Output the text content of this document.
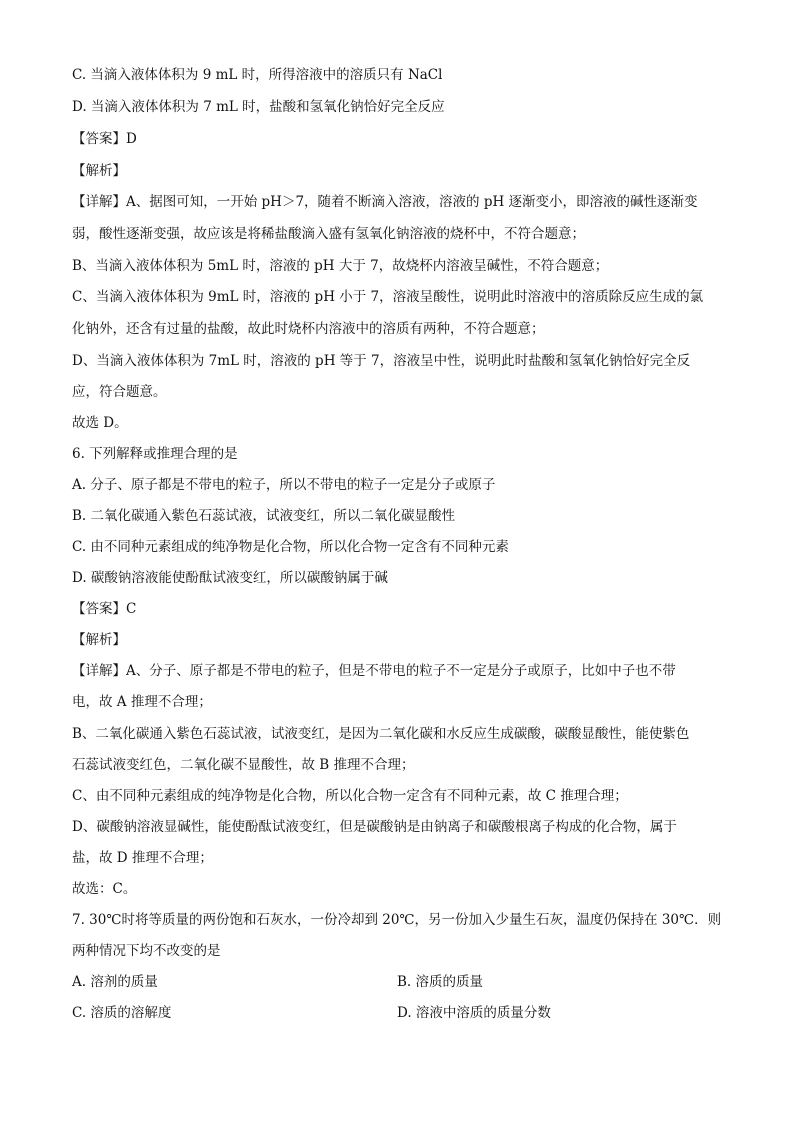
C. 当滴入液体体积为 9 mL 时，所得溶液中的溶质只有 NaCl
D. 当滴入液体体积为 7 mL 时，盐酸和氢氧化钠恰好完全反应
【答案】D
【解析】
【详解】A、据图可知，一开始 pH＞7，随着不断滴入溶液，溶液的 pH 逐渐变小，即溶液的碱性逐渐变
弱，酸性逐渐变强，故应该是将稀盐酸滴入盛有氢氧化钠溶液的烧杯中，不符合题意；
B、当滴入液体体积为 5mL 时，溶液的 pH 大于 7，故烧杯内溶液呈碱性，不符合题意；
C、当滴入液体体积为 9mL 时，溶液的 pH 小于 7，溶液呈酸性，说明此时溶液中的溶质除反应生成的氯
化钠外，还含有过量的盐酸，故此时烧杯内溶液中的溶质有两种，不符合题意；
D、当滴入液体体积为 7mL 时，溶液的 pH 等于 7，溶液呈中性，说明此时盐酸和氢氧化钠恰好完全反
应，符合题意。
故选 D。
6. 下列解释或推理合理的是
A. 分子、原子都是不带电的粒子，所以不带电的粒子一定是分子或原子
B. 二氧化碳通入紫色石蕊试液，试液变红，所以二氧化碳显酸性
C. 由不同种元素组成的纯净物是化合物，所以化合物一定含有不同种元素
D. 碳酸钠溶液能使酚酞试液变红，所以碳酸钠属于碱
【答案】C
【解析】
【详解】A、分子、原子都是不带电的粒子，但是不带电的粒子不一定是分子或原子，比如中子也不带
电，故 A 推理不合理；
B、二氧化碳通入紫色石蕊试液，试液变红，是因为二氧化碳和水反应生成碳酸，碳酸显酸性，能使紫色
石蕊试液变红色，二氧化碳不显酸性，故 B 推理不合理；
C、由不同种元素组成的纯净物是化合物，所以化合物一定含有不同种元素，故 C 推理合理；
D、碳酸钠溶液显碱性，能使酚酞试液变红，但是碳酸钠是由钠离子和碳酸根离子构成的化合物，属于
盐，故 D 推理不合理；
故选：C。
7. 30℃时将等质量的两份饱和石灰水，一份冷却到 20℃，另一份加入少量生石灰，温度仍保持在 30℃．则
两种情况下均不改变的是
A. 溶剂的质量	B. 溶质的质量
C. 溶质的溶解度	D. 溶液中溶质的质量分数
